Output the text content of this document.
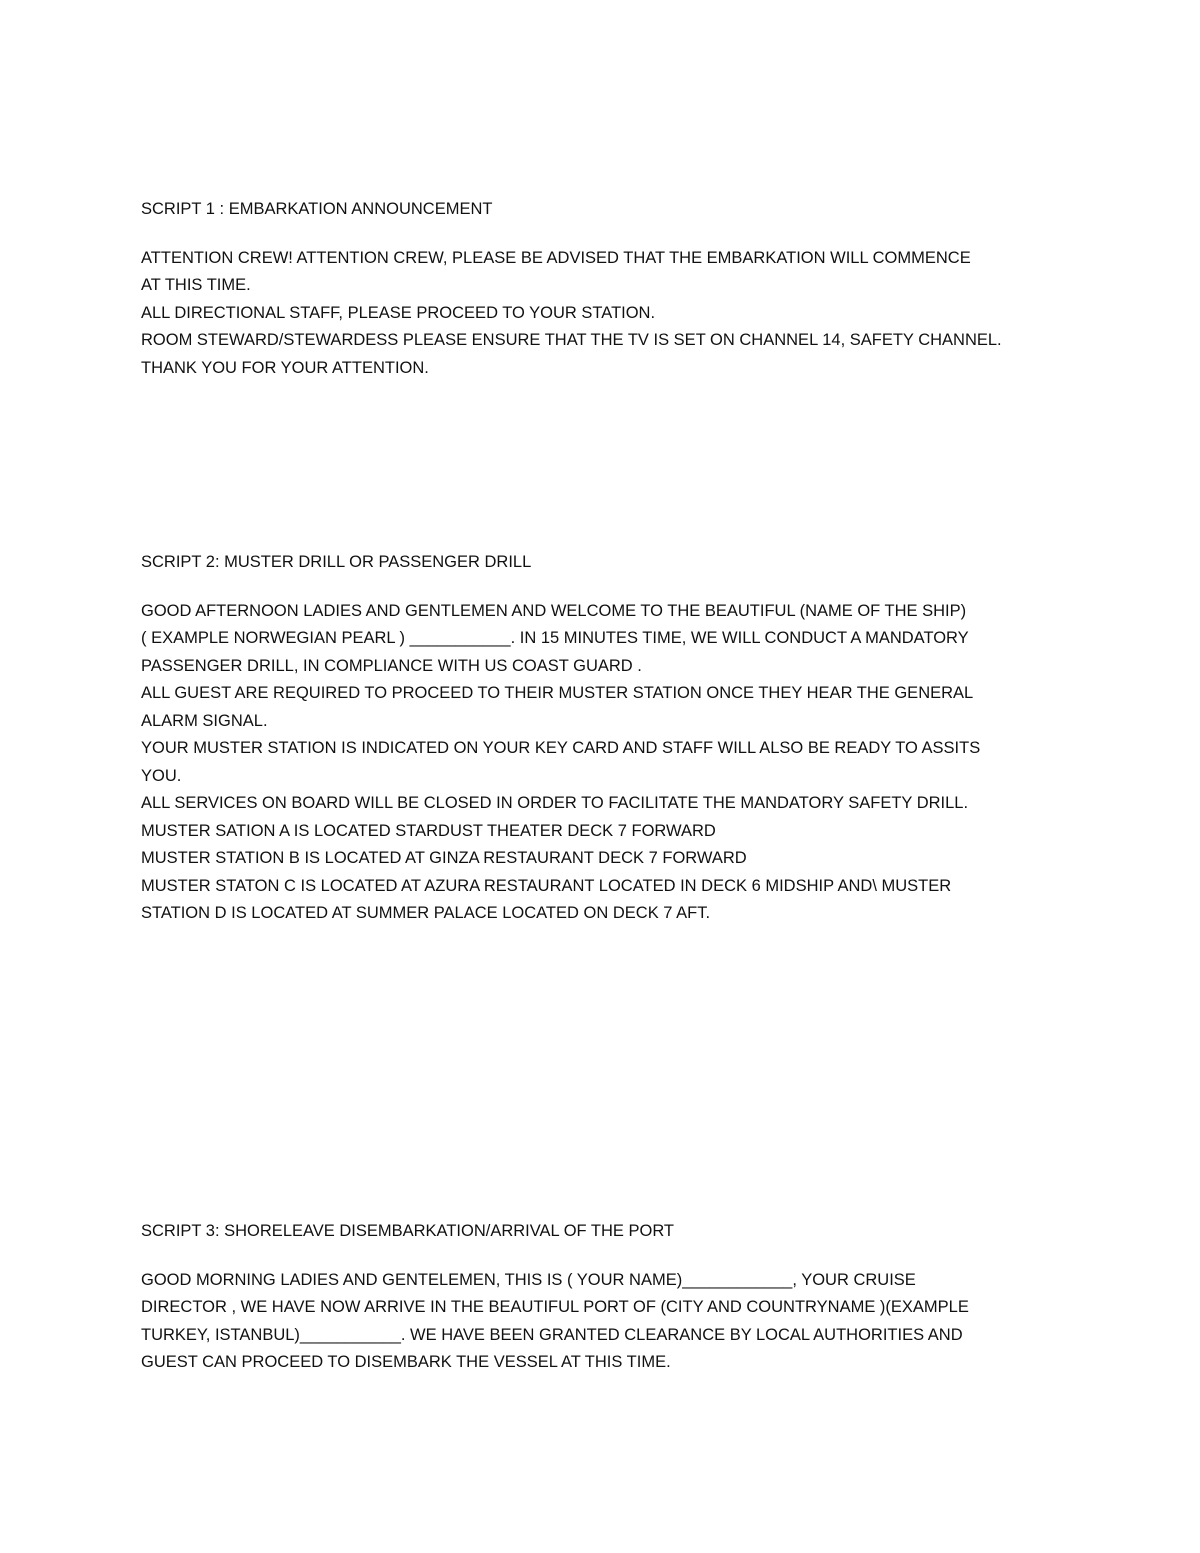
SCRIPT 1 : EMBARKATION ANNOUNCEMENT

ATTENTION CREW! ATTENTION CREW, PLEASE BE ADVISED THAT THE EMBARKATION WILL COMMENCE

AT THIS TIME.

ALL DIRECTIONAL STAFF, PLEASE PROCEED TO YOUR STATION.

ROOM STEWARD/STEWARDESS PLEASE ENSURE THAT THE TV IS SET ON CHANNEL 14, SAFETY CHANNEL.

THANK YOU FOR YOUR ATTENTION.

SCRIPT 2: MUSTER DRILL OR PASSENGER DRILL

GOOD AFTERNOON LADIES AND GENTLEMEN AND WELCOME TO THE BEAUTIFUL (NAME OF THE SHIP)

( EXAMPLE NORWEGIAN PEARL ) ___________. IN 15 MINUTES TIME, WE WILL CONDUCT A MANDATORY

PASSENGER DRILL, IN COMPLIANCE WITH US COAST GUARD .

ALL GUEST ARE REQUIRED TO PROCEED TO THEIR MUSTER STATION ONCE THEY HEAR THE GENERAL

ALARM SIGNAL.

YOUR MUSTER STATION IS INDICATED ON YOUR KEY CARD AND STAFF WILL ALSO BE READY TO ASSITS

YOU.

ALL SERVICES ON BOARD WILL BE CLOSED IN ORDER TO FACILITATE THE MANDATORY SAFETY DRILL.

MUSTER SATION A IS LOCATED STARDUST THEATER DECK 7 FORWARD

MUSTER STATION B IS LOCATED AT GINZA RESTAURANT DECK 7 FORWARD

MUSTER STATON C IS LOCATED AT AZURA RESTAURANT LOCATED IN DECK 6 MIDSHIP AND\ MUSTER

STATION D IS LOCATED AT SUMMER PALACE LOCATED ON DECK 7 AFT.

SCRIPT 3: SHORELEAVE DISEMBARKATION/ARRIVAL OF THE PORT

GOOD MORNING LADIES AND GENTELEMEN, THIS IS ( YOUR NAME)____________, YOUR CRUISE

DIRECTOR , WE HAVE NOW ARRIVE IN THE BEAUTIFUL PORT OF (CITY AND COUNTRYNAME )(EXAMPLE

TURKEY, ISTANBUL)___________. WE HAVE BEEN GRANTED CLEARANCE BY LOCAL AUTHORITIES AND

GUEST CAN PROCEED TO DISEMBARK THE VESSEL AT THIS TIME.
